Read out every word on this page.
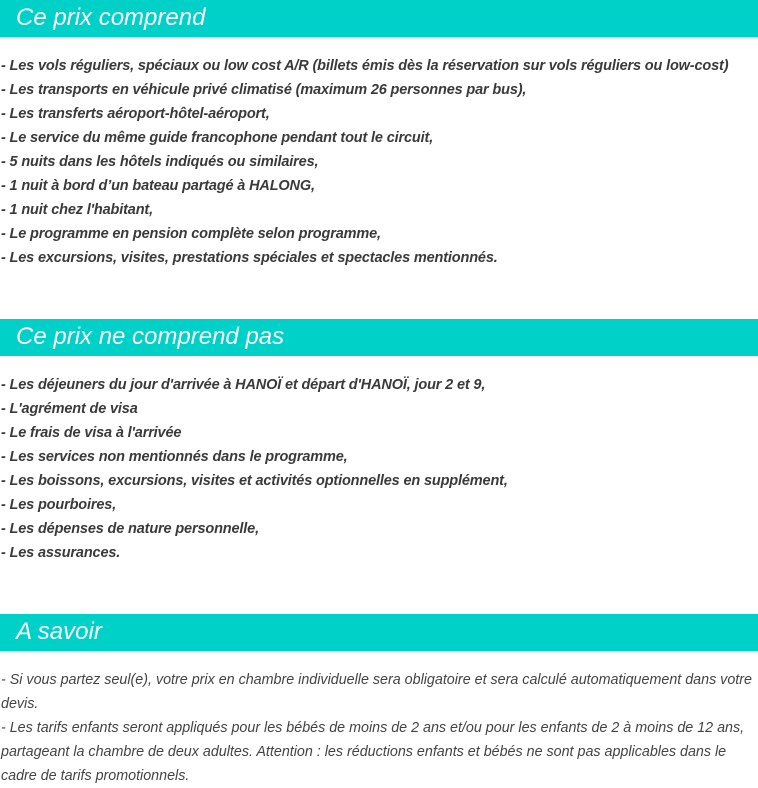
Ce prix comprend
- Les vols réguliers, spéciaux ou low cost A/R (billets émis dès la réservation sur vols réguliers ou low-cost)
- Les transports en véhicule privé climatisé (maximum 26 personnes par bus),
- Les transferts aéroport-hôtel-aéroport,
- Le service du même guide francophone pendant tout le circuit,
- 5 nuits dans les hôtels indiqués ou similaires,
- 1 nuit à bord d’un bateau partagé à HALONG,
- 1 nuit chez l'habitant,
- Le programme en pension complète selon programme,
- Les excursions, visites, prestations spéciales et spectacles mentionnés.
Ce prix ne comprend pas
- Les déjeuners du jour d'arrivée à HANOÏ et départ d'HANOÏ, jour 2 et 9,
- L'agrément de visa
- Le frais de visa à l'arrivée
- Les services non mentionnés dans le programme,
- Les boissons, excursions, visites et activités optionnelles en supplément,
- Les pourboires,
- Les dépenses de nature personnelle,
- Les assurances.
A savoir

- Si vous partez seul(e), votre prix en chambre individuelle sera obligatoire et sera calculé automatiquement dans votre devis.

- Les tarifs enfants seront appliqués pour les bébés de moins de 2 ans et/ou pour les enfants de 2 à moins de 12 ans, partageant la chambre de deux adultes. Attention : les réductions enfants et bébés ne sont pas applicables dans le cadre de tarifs promotionnels.
